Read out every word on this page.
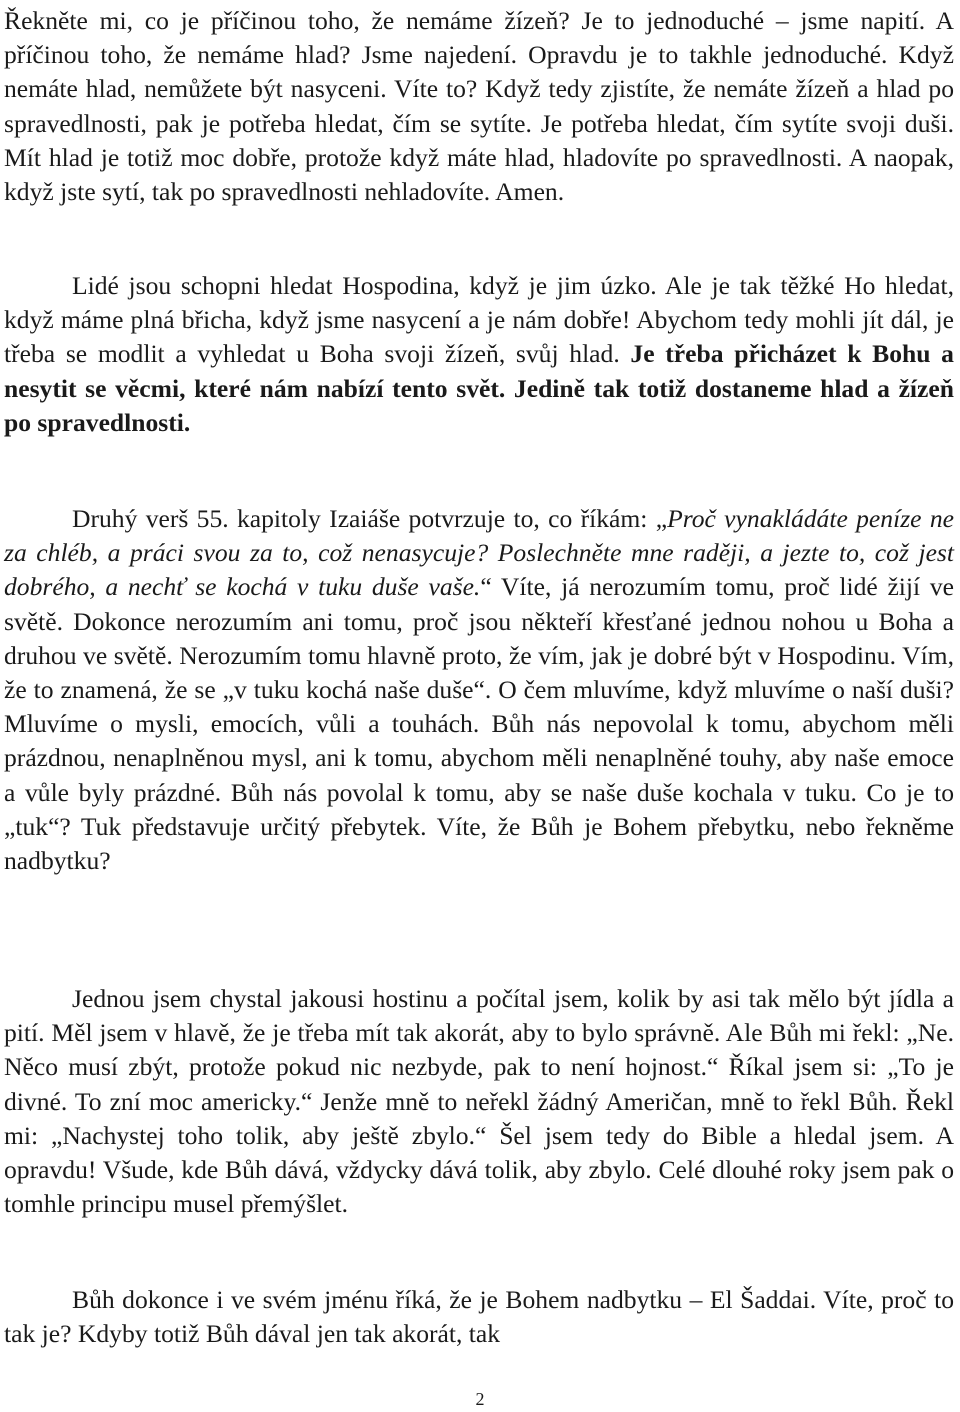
Řekněte mi, co je příčinou toho, že nemáme žízeň? Je to jednoduché – jsme napití. A příčinou toho, že nemáme hlad? Jsme najedení. Opravdu je to takhle jednoduché. Když nemáte hlad, nemůžete být nasyceni. Víte to? Když tedy zjistíte, že nemáte žízeň a hlad po spravedlnosti, pak je potřeba hledat, čím se sytíte. Je potřeba hledat, čím sytíte svoji duši. Mít hlad je totiž moc dobře, protože když máte hlad, hladovíte po spravedlnosti. A naopak, když jste sytí, tak po spravedlnosti nehladovíte. Amen.

Lidé jsou schopni hledat Hospodina, když je jim úzko. Ale je tak těžké Ho hledat, když máme plná břicha, když jsme nasycení a je nám dobře! Abychom tedy mohli jít dál, je třeba se modlit a vyhledat u Boha svoji žízeň, svůj hlad. Je třeba přicházet k Bohu a nesytit se věcmi, které nám nabízí tento svět. Jedině tak totiž dostaneme hlad a žízeň po spravedlnosti.

Druhý verš 55. kapitoly Izaiáše potvrzuje to, co říkám: „Proč vynakládáte peníze ne za chléb, a práci svou za to, což nenasycuje? Poslechněte mne raději, a jezte to, což jest dobrého, a nechť se kochá v tuku duše vaše.“ Víte, já nerozumím tomu, proč lidé žijí ve světě. Dokonce nerozumím ani tomu, proč jsou někteří křesťané jednou nohou u Boha a druhou ve světě. Nerozumím tomu hlavně proto, že vím, jak je dobré být v Hospodinu. Vím, že to znamená, že se „v tuku kochá naše duše“. O čem mluvíme, když mluvíme o naší duši? Mluvíme o mysli, emocích, vůli a touhách. Bůh nás nepovolal k tomu, abychom měli prázdnou, nenaplněnou mysl, ani k tomu, abychom měli nenaplněné touhy, aby naše emoce a vůle byly prázdné. Bůh nás povolal k tomu, aby se naše duše kochala v tuku. Co je to „tuk“? Tuk představuje určitý přebytek. Víte, že Bůh je Bohem přebytku, nebo řekněme nadbytku?

Jednou jsem chystal jakousi hostinu a počítal jsem, kolik by asi tak mělo být jídla a pití. Měl jsem v hlavě, že je třeba mít tak akorát, aby to bylo správně. Ale Bůh mi řekl: „Ne. Něco musí zbýt, protože pokud nic nezbyde, pak to není hojnost.“ Říkal jsem si: „To je divné. To zní moc americky.“ Jenže mně to neřekl žádný Američan, mně to řekl Bůh. Řekl mi: „Nachystej toho tolik, aby ještě zbylo.“ Šel jsem tedy do Bible a hledal jsem. A opravdu! Všude, kde Bůh dává, vždycky dává tolik, aby zbylo. Celé dlouhé roky jsem pak o tomhle principu musel přemýšlet.

Bůh dokonce i ve svém jménu říká, že je Bohem nadbytku – El Šaddai. Víte, proč to tak je? Kdyby totiž Bůh dával jen tak akorát, tak

2
